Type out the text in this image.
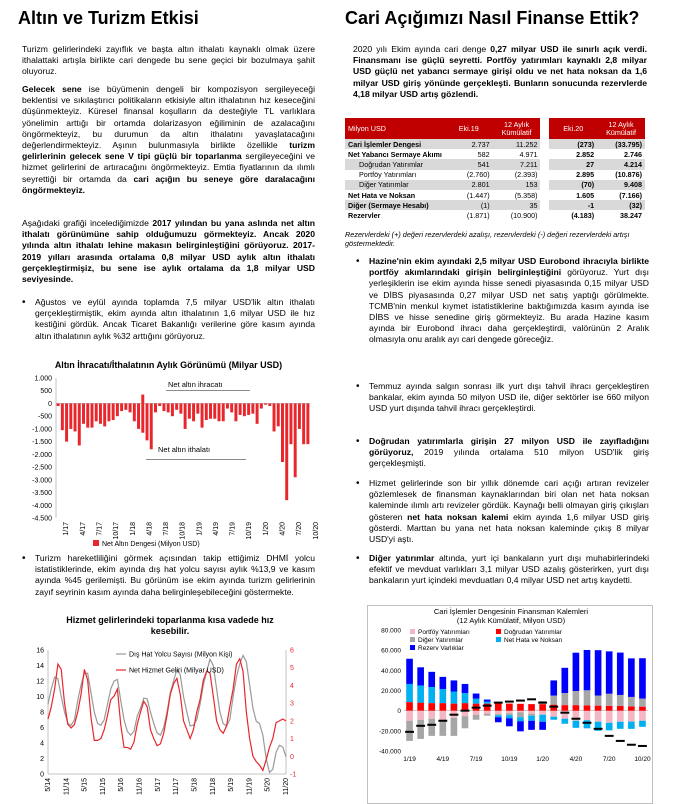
Altın ve Turizm Etkisi
Turizm gelirlerindeki zayıflık ve başta altın ithalatı kaynaklı olmak üzere ithalattaki artışla birlikte cari dengede bu sene geçici bir bozulmaya şahit oluyoruz.
Gelecek sene ise büyümenin dengeli bir kompozisyon sergileyeceği beklentisi ve sıkılaştırıcı politikaların etkisiyle altın ithalatının hız keseceğini düşünmekteyiz. Küresel finansal koşulların da desteğiyle TL varlıklara yönelimin arttığı bir ortamda dolarizasyon eğiliminin de azalacağını öngörmekteyiz, bu durumun da altın ithalatını yavaşlatacağını değerlendirmekteyiz. Aşının bulunmasıyla birlikte özellikle turizm gelirlerinin gelecek sene V tipi güçlü bir toparlanma sergileyeceğini ve hizmet gelirlerini de artıracağını öngörmekteyiz. Emtia fiyatlarının da ılımlı seyrettiği bir ortamda da cari açığın bu seneye göre daralacağını öngörmekteyiz.
Aşağıdaki grafiği incelediğimizde 2017 yılından bu yana aslında net altın ithalatı görünümüne sahip olduğumuzu görmekteyiz. Ancak 2020 yılında altın ithalatı lehine makasın belirginleştiğini görüyoruz. 2017-2019 yılları arasında ortalama 0,8 milyar USD aylık altın ithalatı gerçekleştirmişiz, bu sene ise aylık ortalama da 1,8 milyar USD seviyesinde.
• Ağustos ve eylül ayında toplamda 7,5 milyar USD'lik altın ithalatı gerçekleştirmiştik, ekim ayında altın ithalatının 1,6 milyar USD ile hız kestiğini gördük. Ancak Ticaret Bakanlığı verilerine göre kasım ayında altın ithalatının aylık %32 arttığını görüyoruz.
Altın İhracatı/İthalatının Aylık Görünümü (Milyar USD)
1.000
500
0
-500
-1.000
-1.500
-2.000
-2.500
-3.000
-3.500
-4.000
-4.500
1/17 4/17 7/17 10/17 1/18 4/18 7/18 10/18 1/19 4/19 7/19 10/19 1/20 4/20 7/20 10/20
Net altın ihracatı
Net altın ithalatı
Net Altın Dengesi (Milyon USD)
• Turizm hareketliliğini görmek açısından takip ettiğimiz DHMİ yolcu istatistiklerinde, ekim ayında dış hat yolcu sayısı aylık %13,9 ve kasım ayında %45 gerilemişti. Bu görünüm ise ekim ayında turizm gelirlerinin zayıf seyrinin kasım ayında daha belirginleşebileceğini göstermekte.
Hizmet gelirlerindeki toparlanma kısa vadede hız kesebilir.
0
2
4
6
8
10
12
14
16
-1
0
1
2
3
4
5
6
5/14 11/14 5/15 11/15 5/16 11/16 5/17 11/17 5/18 11/18 5/19 11/19 5/20 11/20
Dış Hat Yolcu Sayısı (Milyon Kişi)
Net Hizmet Geliri (Milyar USD)
Cari Açığımızı Nasıl Finanse Ettik?
2020 yılı Ekim ayında cari denge 0,27 milyar USD ile sınırlı açık verdi. Finansmanı ise güçlü seyretti. Portföy yatırımları kaynaklı 2,8 milyar USD güçlü net yabancı sermaye girişi oldu ve net hata noksan da 1,6 milyar USD giriş yönünde gerçekleşti. Bunların sonucunda rezervlerde 4,18 milyar USD artış gözlendi.
Milyon USD	Eki.19	12 Aylık Kümülatif		Eki.20	12 Aylık Kümülatif
Cari İşlemler Dengesi	2.737	11.252		(273)	(33.795)
Net Yabancı Sermaye Akımı	582	4.971		2.852	2.746
Doğrudan Yatırımlar	541	7.211		27	4.214
Portföy Yatırımları	(2.760)	(2.393)		2.895	(10.876)
Diğer Yatırımlar	2.801	153		(70)	9.408
Net Hata ve Noksan	(1.447)	(5.358)		1.605	(7.166)
Diğer (Sermaye Hesabı)	(1)	35		-1	(32)
Rezervler	(1.871)	(10.900)		(4.183)	38.247
Rezervlerdeki (+) değeri rezervlerdeki azalışı, rezervlerdeki (-) değeri rezervlerdeki artışı göstermektedir.
• Hazine'nin ekim ayındaki 2,5 milyar USD Eurobond ihracıyla birlikte portföy akımlarındaki girişin belirginleştiğini görüyoruz. Yurt dışı yerleşiklerin ise ekim ayında hisse senedi piyasasında 0,15 milyar USD ve DİBS piyasasında 0,27 milyar USD net satış yaptığı görülmekte. TCMB'nin menkul kıymet istatistiklerine baktığımızda kasım ayında ise DİBS ve hisse senedine giriş görmekteyiz. Bu arada Hazine kasım ayında bir Eurobond ihracı daha gerçekleştirdi, valörünün 2 Aralık olmasıyla onu aralık ayı cari dengede göreceğiz.
• Temmuz ayında salgın sonrası ilk yurt dışı tahvil ihracı gerçekleştiren bankalar, ekim ayında 50 milyon USD ile, diğer sektörler ise 660 milyon USD yurt dışında tahvil ihracı gerçekleştirdi.
• Doğrudan yatırımlarla girişin 27 milyon USD ile zayıfladığını görüyoruz, 2019 yılında ortalama 510 milyon USD'lik giriş gerçekleşmişti.
• Hizmet gelirlerinde son bir yıllık dönemde cari açığı artıran revizeler gözlemlesek de finansman kaynaklarından biri olan net hata noksan kaleminde ılımlı artı revizeler gördük. Kaynağı belli olmayan giriş çıkışları gösteren net hata noksan kalemi ekim ayında 1,6 milyar USD giriş gösterdi. Marttan bu yana net hata noksan kaleminde çıkış 8 milyar USD'yi aştı.
• Diğer yatırımlar altında, yurt içi bankaların yurt dışı muhabirlerindeki efektif ve mevduat varlıkları 3,1 milyar USD azalış gösterirken, yurt dışı bankaların yurt içindeki mevduatları 0,4 milyar USD net artış kaydetti.
Cari İşlemler Dengesinin Finansman Kalemleri
(12 Aylık Kümülatif, Milyon USD)
80.000
60.000
40.000
20.000
0
-20.000
-40.000
1/19	4/19	7/19	10/19	1/20	4/20	7/20	10/20
Portföy Yatırımları	Doğrudan Yatırımlar
Diğer Yatırımlar	Net Hata ve Noksan
Rezerv Varlıklar
